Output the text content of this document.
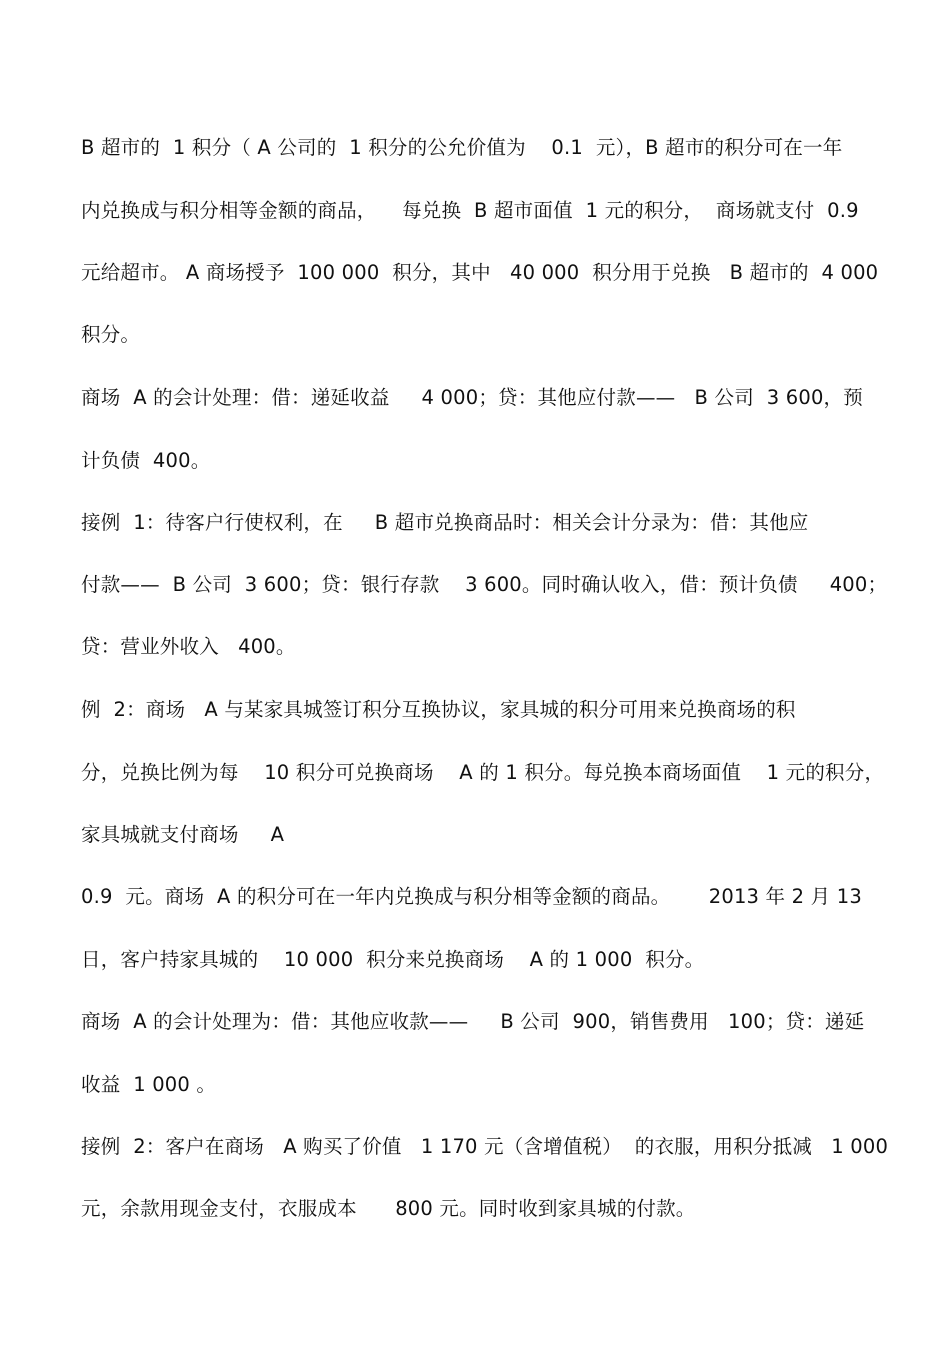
B 超市的  1 积分（ A 公司的  1 积分的公允价值为    0.1  元），B 超市的积分可在一年
内兑换成与积分相等金额的商品，    每兑换  B 超市面值  1 元的积分，  商场就支付  0.9
元给超市。 A 商场授予  100 000  积分，其中   40 000  积分用于兑换   B 超市的  4 000
积分。
商场  A 的会计处理：借：递延收益     4 000；贷：其他应付款——   B 公司  3 600，预
计负债  400。
接例  1：待客户行使权利，在     B 超市兑换商品时：相关会计分录为：借：其他应
付款——  B 公司  3 600；贷：银行存款    3 600。同时确认收入，借：预计负债     400；
贷：营业外收入   400。
例  2：商场   A 与某家具城签订积分互换协议，家具城的积分可用来兑换商场的积
分，兑换比例为每    10 积分可兑换商场    A 的 1 积分。每兑换本商场面值    1 元的积分，
家具城就支付商场     A
0.9  元。商场  A 的积分可在一年内兑换成与积分相等金额的商品。      2013 年 2 月 13
日，客户持家具城的    10 000  积分来兑换商场    A 的 1 000  积分。
商场  A 的会计处理为：借：其他应收款——     B 公司  900，销售费用   100；贷：递延
收益  1 000 。
接例  2：客户在商场   A 购买了价值   1 170 元（含增值税）  的衣服，用积分抵减   1 000
元，余款用现金支付，衣服成本      800 元。同时收到家具城的付款。
